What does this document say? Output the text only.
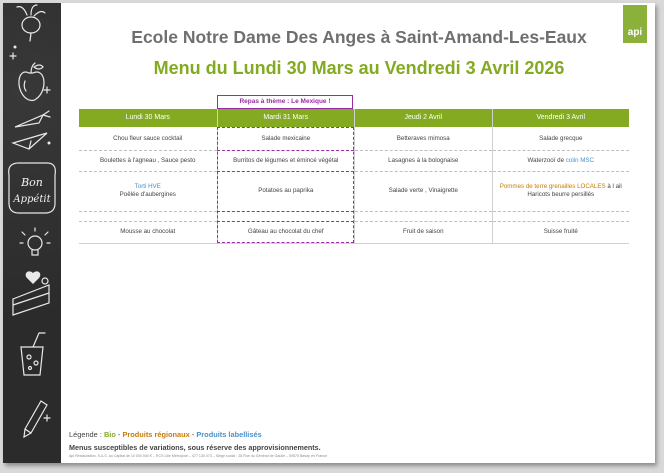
Bon
Appétit
api
Ecole Notre Dame Des Anges à Saint-Amand-Les-Eaux
Menu du Lundi 30 Mars au Vendredi 3 Avril 2026
Repas à thème : Le Mexique !
Lundi 30 Mars
Chou fleur sauce cocktail
Boulettes à l'agneau , Sauce pesto
Torti HVE
Poêlée d'aubergines
Mousse au chocolat
Mardi 31 Mars
Salade mexicaine
Burritos de légumes et émincé végétal
Potatoes au paprika
Gâteau au chocolat du chef
Jeudi 2 Avril
Betteraves mimosa
Lasagnes à la bolognaise
Salade verte , Vinaigrette
Fruit de saison
Vendredi 3 Avril
Salade grecque
Waterzooï de colin MSC
Pommes de terre grenailles LOCALES à l ail
Haricots beurre persillés
Suisse fruité
Légende : Bio - Produits régionaux - Produits labellisés
Menus susceptibles de variations, sous réserve des approvisionnements.
Api Restauration, S.A.S. au Capital de 10 000 000 € – RCS Lille Métropole – 477 135 073 – Siège social : 28 Rue du Général de Gaulle – 59570 Bavay en France
